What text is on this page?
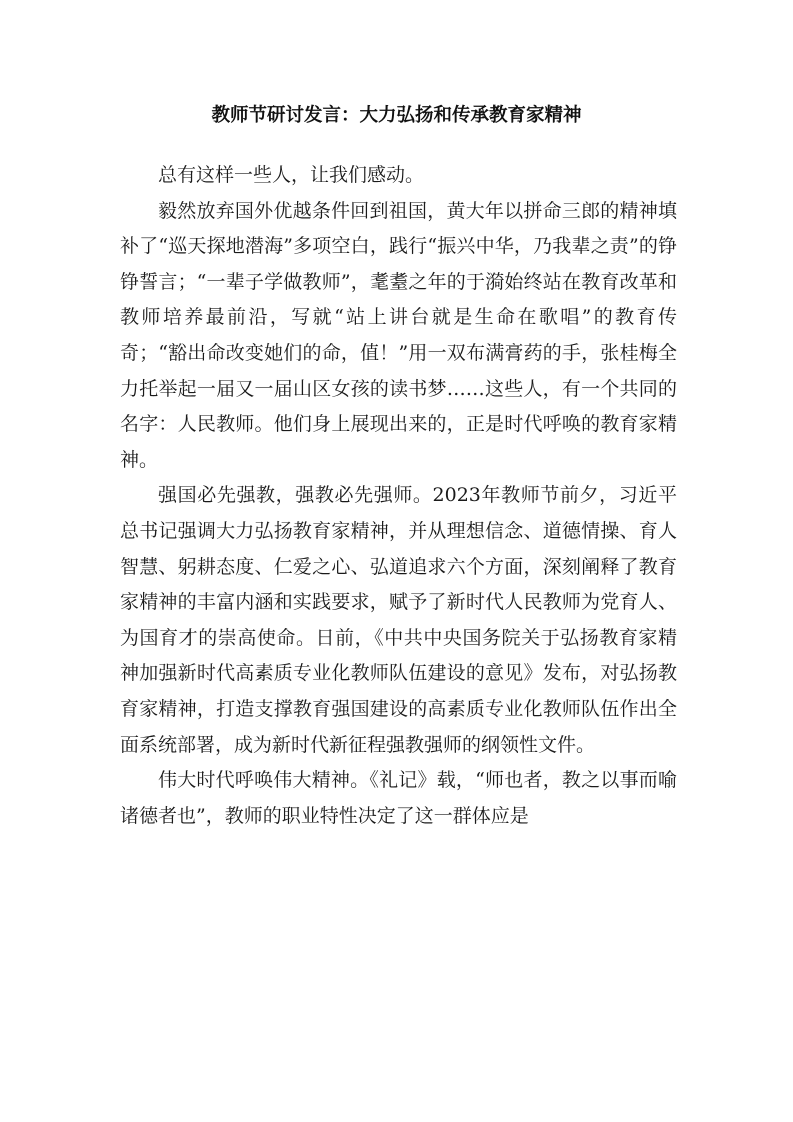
教师节研讨发言：大力弘扬和传承教育家精神

总有这样一些人，让我们感动。

毅然放弃国外优越条件回到祖国，黄大年以拼命三郎的精神填补了“巡天探地潜海”多项空白，践行“振兴中华，乃我辈之责”的铮铮誓言；“一辈子学做教师”，耄耋之年的于漪始终站在教育改革和教师培养最前沿，写就“站上讲台就是生命在歌唱”的教育传奇；“豁出命改变她们的命，值！”用一双布满膏药的手，张桂梅全力托举起一届又一届山区女孩的读书梦……这些人，有一个共同的名字：人民教师。他们身上展现出来的，正是时代呼唤的教育家精神。

强国必先强教，强教必先强师。2023年教师节前夕，习近平总书记强调大力弘扬教育家精神，并从理想信念、道德情操、育人智慧、躬耕态度、仁爱之心、弘道追求六个方面，深刻阐释了教育家精神的丰富内涵和实践要求，赋予了新时代人民教师为党育人、为国育才的崇高使命。日前，《中共中央国务院关于弘扬教育家精神加强新时代高素质专业化教师队伍建设的意见》发布，对弘扬教育家精神，打造支撑教育强国建设的高素质专业化教师队伍作出全面系统部署，成为新时代新征程强教强师的纲领性文件。

伟大时代呼唤伟大精神。《礼记》载，“师也者，教之以事而喻诸德者也”，教师的职业特性决定了这一群体应是
